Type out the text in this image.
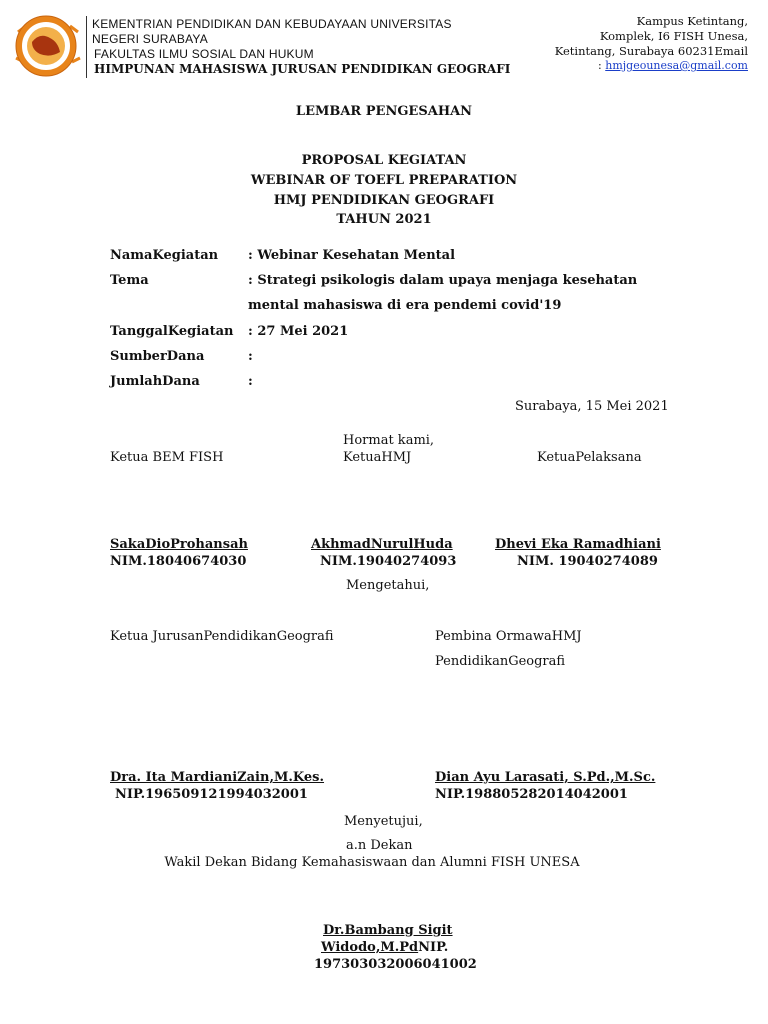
KEMENTRIAN PENDIDIKAN DAN KEBUDAYAAN UNIVERSITAS
NEGERI SURABAYA
FAKULTAS ILMU SOSIAL DAN HUKUM
HIMPUNAN MAHASISWA JURUSAN PENDIDIKAN GEOGRAFI
Kampus Ketintang,
Komplek, I6 FISH Unesa,
Ketintang, Surabaya 60231Email
: hmjgeounesa@gmail.com
LEMBAR PENGESAHAN
PROPOSAL KEGIATAN
WEBINAR OF TOEFL PREPARATION
HMJ PENDIDIKAN GEOGRAFI
TAHUN 2021
NamaKegiatan : Webinar Kesehatan Mental
Tema	: Strategi psikologis dalam upaya menjaga kesehatan
mental mahasiswa di era pendemi covid'19
TanggalKegiatan : 27 Mei 2021
SumberDana	:
JumlahDana	:
Surabaya, 15 Mei 2021
Hormat kami,
Ketua BEM FISH	KetuaHMJ	KetuaPelaksana
SakaDioProhansah	AkhmadNurulHuda	Dhevi Eka Ramadhiani
NIM.18040674030	NIM.19040274093	NIM. 19040274089
Mengetahui,
Ketua JurusanPendidikanGeografi	Pembina OrmawaHMJ
PendidikanGeografi
Dra. Ita MardianiZain,M.Kes.	Dian Ayu Larasati, S.Pd.,M.Sc.
NIP.196509121994032001	NIP.198805282014042001
Menyetujui,
a.n Dekan
Wakil Dekan Bidang Kemahasiswaan dan Alumni FISH UNESA
Dr.Bambang Sigit
Widodo,M.PdNIP.
197303032006041002
